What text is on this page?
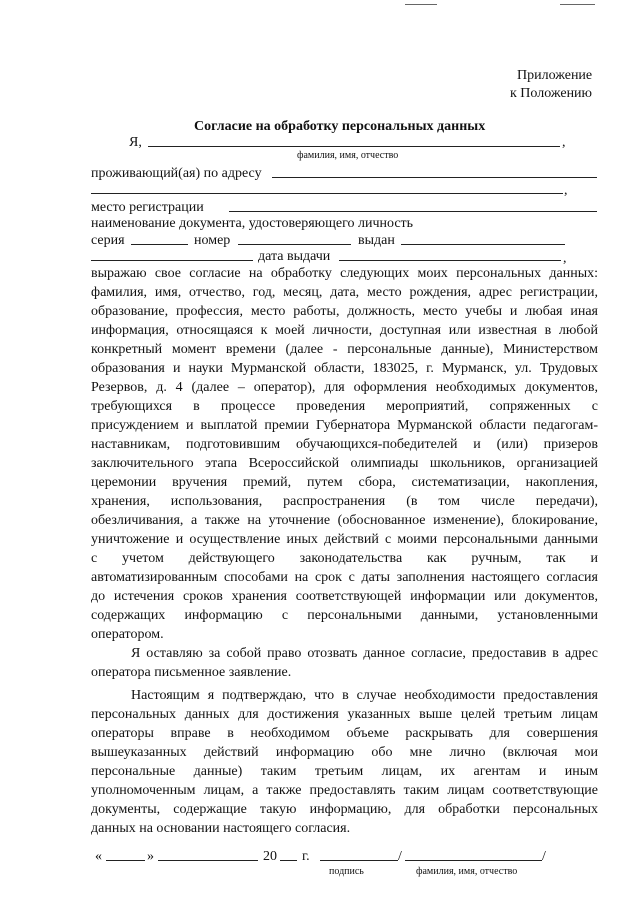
Приложение
к Положению
Согласие на обработку персональных данных
Я,	,
фамилия, имя, отчество
проживающий(ая) по адресу
,
место регистрации
наименование документа, удостоверяющего личность
серия	номер	выдан
дата выдачи	,
выражаю свое согласие на обработку следующих моих персональных данных:
фамилия, имя, отчество, год, месяц, дата, место рождения, адрес регистрации,
образование, профессия, место работы, должность, место учебы и любая иная
информация, относящаяся к моей личности, доступная или известная в любой
конкретный момент времени (далее - персональные данные), Министерством
образования и науки Мурманской области, 183025, г. Мурманск, ул. Трудовых
Резервов, д. 4 (далее – оператор), для оформления необходимых документов,
требующихся в процессе проведения мероприятий, сопряженных с
присуждением и выплатой премии Губернатора Мурманской области педагогам-
наставникам, подготовившим обучающихся-победителей и (или) призеров
заключительного этапа Всероссийской олимпиады школьников, организацией
церемонии вручения премий, путем сбора, систематизации, накопления,
хранения, использования, распространения (в том числе передачи),
обезличивания, а также на уточнение (обоснованное изменение), блокирование,
уничтожение и осуществление иных действий с моими персональными данными
с учетом действующего законодательства как ручным, так и
автоматизированным способами на срок с даты заполнения настоящего согласия
до истечения сроков хранения соответствующей информации или документов,
содержащих информацию с персональными данными, установленными
оператором.
Я оставляю за собой право отозвать данное согласие, предоставив в адрес
оператора письменное заявление.
Настоящим я подтверждаю, что в случае необходимости предоставления
персональных данных для достижения указанных выше целей третьим лицам
операторы вправе в необходимом объеме раскрывать для совершения
вышеуказанных действий информацию обо мне лично (включая мои
персональные данные) таким третьим лицам, их агентам и иным
уполномоченным лицам, а также предоставлять таким лицам соответствующие
документы, содержащие такую информацию, для обработки персональных
данных на основании настоящего согласия.
«	»	20 г.	/	/
подпись	фамилия, имя, отчество
